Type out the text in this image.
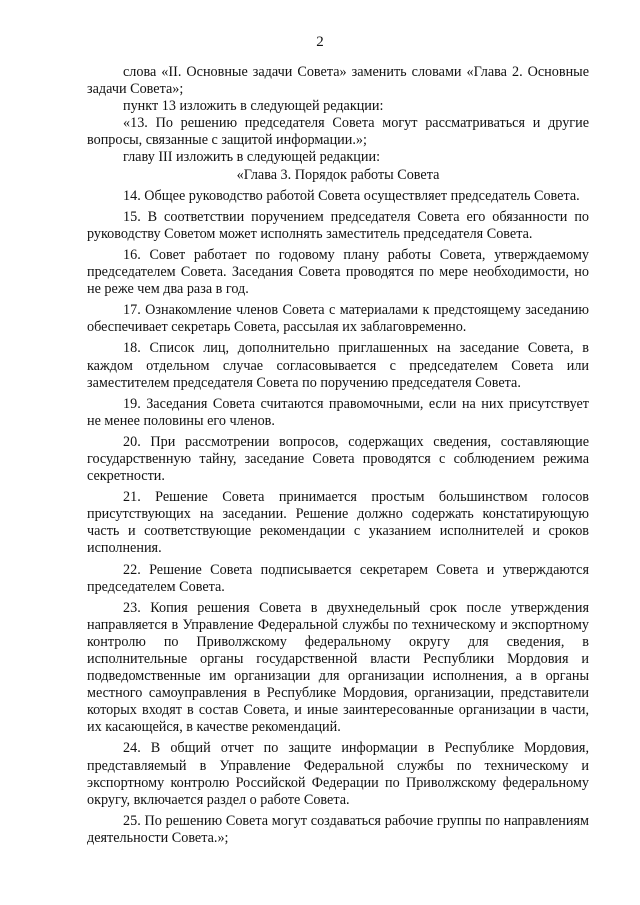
2

слова «II. Основные задачи Совета» заменить словами «Глава 2. Основные задачи Совета»;

пункт 13 изложить в следующей редакции:

«13. По решению председателя Совета могут рассматриваться и другие вопросы, связанные с защитой информации.»;

главу III изложить в следующей редакции:

«Глава 3. Порядок работы Совета

14. Общее руководство работой Совета осуществляет председатель Совета.

15. В соответствии поручением председателя Совета его обязанности по руководству Советом может исполнять заместитель председателя Совета.

16. Совет работает по годовому плану работы Совета, утверждаемому председателем Совета. Заседания Совета проводятся по мере необходимости, но не реже чем два раза в год.

17. Ознакомление членов Совета с материалами к предстоящему заседанию обеспечивает секретарь Совета, рассылая их заблаговременно.

18. Список лиц, дополнительно приглашенных на заседание Совета, в каждом отдельном случае согласовывается с председателем Совета или заместителем председателя Совета по поручению председателя Совета.

19. Заседания Совета считаются правомочными, если на них присутствует не менее половины его членов.

20. При рассмотрении вопросов, содержащих сведения, составляющие государственную тайну, заседание Совета проводятся с соблюдением режима секретности.

21. Решение Совета принимается простым большинством голосов присутствующих на заседании. Решение должно содержать констатирующую часть и соответствующие рекомендации с указанием исполнителей и сроков исполнения.

22. Решение Совета подписывается секретарем Совета и утверждаются председателем Совета.

23. Копия решения Совета в двухнедельный срок после утверждения направляется в Управление Федеральной службы по техническому и экспортному контролю по Приволжскому федеральному округу для сведения, в исполнительные органы государственной власти Республики Мордовия и подведомственные им организации для организации исполнения, а в органы местного самоуправления в Республике Мордовия, организации, представители которых входят в состав Совета, и иные заинтересованные организации в части, их касающейся, в качестве рекомендаций.

24. В общий отчет по защите информации в Республике Мордовия, представляемый в Управление Федеральной службы по техническому и экспортному контролю Российской Федерации по Приволжскому федеральному округу, включается раздел о работе Совета.

25. По решению Совета могут создаваться рабочие группы по направлениям деятельности Совета.»;
